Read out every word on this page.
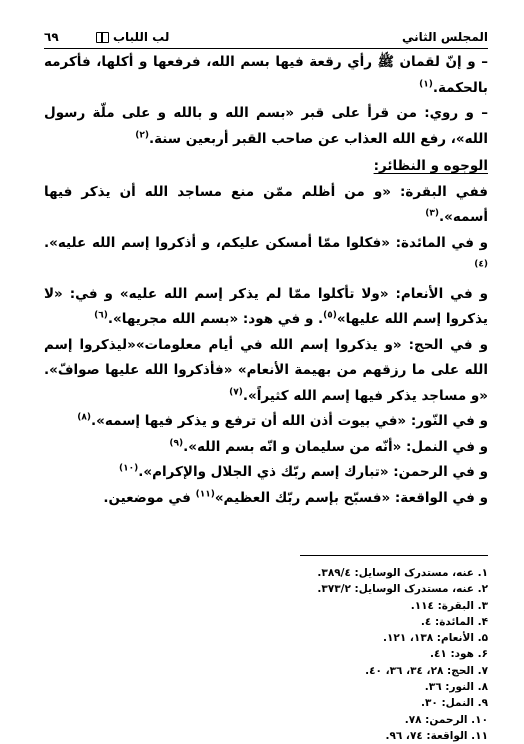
المجلس الثاني
لب اللباب
٦٩

– و إنّ لقمان ﷺ رأي رقعة فيها بسم الله، فرفعها و أكلها، فأكرمه بالحكمة.$^{(١)}$

– و روي: من قرأ على قبر «بسم الله و بالله و على ملّة رسول الله»، رفع الله العذاب عن صاحب القبر أربعين سنة.$^{(٢)}$

الوجوه و النظائر:

ففي البقرة: «و من أظلم ممّن منع مساجد الله أن يذكر فيها أسمه».$^{(٣)}$

و في المائدة: «فكلوا ممّا أمسكن عليكم، و أذكروا إسم الله عليه».$^{(٤)}$

و في الأنعام: «ولا تأكلوا ممّا لم يذكر إسم الله عليه» و في: «لا يذكروا إسم الله عليها»$^{(٥)}$. و في هود: «بسم الله مجريها».$^{(٦)}$

و في الحج: «و يذكروا إسم الله في أيام معلومات»«ليذكروا إسم الله على ما رزقهم من بهيمة الأنعام» «فأذكروا الله عليها صوافّ». «و مساجد يذكر فيها إسم الله كثيراً».$^{(٧)}$

و في النّور: «في بيوت أذن الله أن ترفع و يذكر فيها إسمه».$^{(٨)}$

و في النمل: «أنّه من سليمان و انّه بسم الله».$^{(٩)}$

و في الرحمن: «تبارك إسم ربّك ذي الجلال والإكرام».$^{(١٠)}$

و في الواقعة: «فسبّح بإسم ربّك العظيم»$^{(١١)}$ في موضعين.

١. عنه، مستدرک الوسایل: ٣٨٩/٤.
٢. عنه، مستدرک الوسایل: ٣٧٣/٢.
٣. البقرة: ١١٤.
۴. المائدة: ٤.
۵. الأنعام: ١٣٨، ١٢١.
۶. هود: ٤١.
٧. الحج: ٢٨، ٣٤، ٣٦، ٤٠.
٨. النور: ٣٦.
٩. النمل: ٣٠.
١٠. الرحمن: ٧٨.
١١. الواقعة: ٧٤، ٩٦.
